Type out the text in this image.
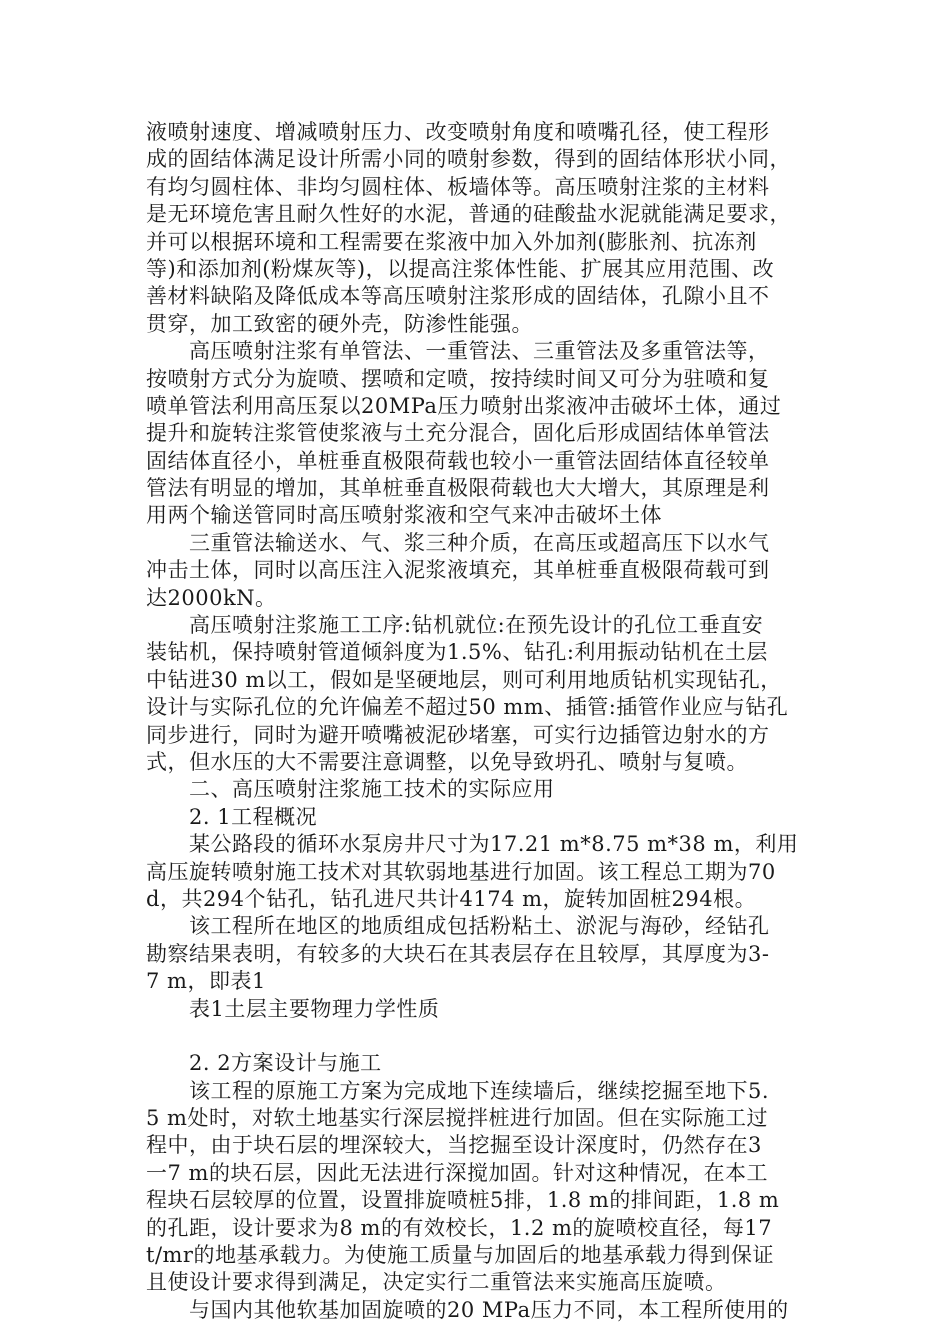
液喷射速度、增减喷射压力、改变喷射角度和喷嘴孔径，使工程形
成的固结体满足设计所需小同的喷射参数，得到的固结体形状小同，
有均匀圆柱体、非均匀圆柱体、板墙体等。高压喷射注浆的主材料
是无环境危害且耐久性好的水泥，普通的硅酸盐水泥就能满足要求，
并可以根据环境和工程需要在浆液中加入外加剂(膨胀剂、抗冻剂
等)和添加剂(粉煤灰等)，以提高注浆体性能、扩展其应用范围、改
善材料缺陷及降低成本等高压喷射注浆形成的固结体，孔隙小且不
贯穿，加工致密的硬外壳，防渗性能强。
　　高压喷射注浆有单管法、一重管法、三重管法及多重管法等，
按喷射方式分为旋喷、摆喷和定喷，按持续时间又可分为驻喷和复
喷单管法利用高压泵以20MPa压力喷射出浆液冲击破坏土体，通过
提升和旋转注浆管使浆液与土充分混合，固化后形成固结体单管法
固结体直径小，单桩垂直极限荷载也较小一重管法固结体直径较单
管法有明显的增加，其单桩垂直极限荷载也大大增大，其原理是利
用两个输送管同时高压喷射浆液和空气来冲击破坏土体
　　三重管法输送水、气、浆三种介质，在高压或超高压下以水气
冲击土体，同时以高压注入泥浆液填充，其单桩垂直极限荷载可到
达2000kN。
　　高压喷射注浆施工工序:钻机就位:在预先设计的孔位工垂直安
装钻机，保持喷射管道倾斜度为1.5%、钻孔:利用振动钻机在土层
中钻进30 m以工，假如是坚硬地层，则可利用地质钻机实现钻孔，
设计与实际孔位的允许偏差不超过50 mm、插管:插管作业应与钻孔
同步进行，同时为避开喷嘴被泥砂堵塞，可实行边插管边射水的方
式，但水压的大不需要注意调整，以免导致坍孔、喷射与复喷。
　　二、高压喷射注浆施工技术的实际应用
　　2. 1工程概况
　　某公路段的循环水泵房井尺寸为17.21 m*8.75 m*38 m，利用
高压旋转喷射施工技术对其软弱地基进行加固。该工程总工期为70
d，共294个钻孔，钻孔进尺共计4174 m，旋转加固桩294根。
　　该工程所在地区的地质组成包括粉粘土、淤泥与海砂，经钻孔
勘察结果表明，有较多的大块石在其表层存在且较厚，其厚度为3-
7 m，即表1
　　表1土层主要物理力学性质
　　2. 2方案设计与施工
　　该工程的原施工方案为完成地下连续墙后，继续挖掘至地下5.
5 m处时，对软土地基实行深层搅拌桩进行加固。但在实际施工过
程中，由于块石层的埋深较大，当挖掘至设计深度时，仍然存在3
一7 m的块石层，因此无法进行深搅加固。针对这种情况，在本工
程块石层较厚的位置，设置排旋喷桩5排，1.8 m的排间距，1.8 m
的孔距，设计要求为8 m的有效校长，1.2 m的旋喷校直径，每17
t/mr的地基承载力。为使施工质量与加固后的地基承载力得到保证
且使设计要求得到满足，决定实行二重管法来实施高压旋喷。
　　与国内其他软基加固旋喷的20 MPa压力不同，本工程所使用的
